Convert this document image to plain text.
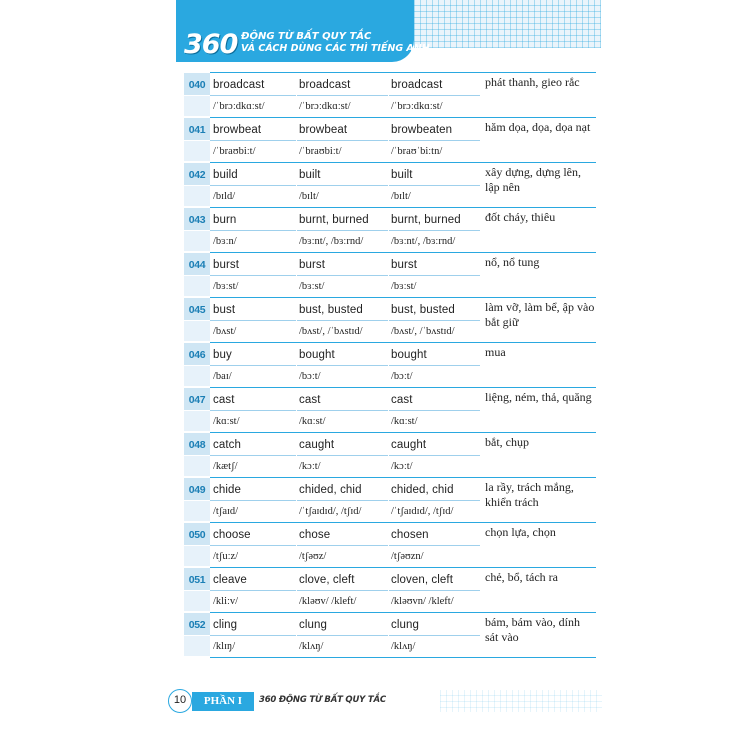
360 ĐỘNG TỪ BẤT QUY TẮC
VÀ CÁCH DÙNG CÁC THÌ TIẾNG ANH
040 broadcast
/ˈbrɔːdkɑːst/
broadcast
/ˈbrɔːdkɑːst/
broadcast
/ˈbrɔːdkɑːst/
phát thanh, gieo rắc
041 browbeat
/ˈbraʊbiːt/
browbeat
/ˈbraʊbiːt/
browbeaten
/ˈbraʊˈbiːtn/
hăm dọa, dọa, dọa nạt
042 build
/bɪld/
built
/bɪlt/
built
/bɪlt/
xây dựng, dựng lên, lập nên
043 burn
/bɜːn/
burnt, burned
/bɜːnt/, /bɜːrnd/
burnt, burned
/bɜːnt/, /bɜːrnd/
đốt cháy, thiêu
044 burst
/bɜːst/
burst
/bɜːst/
burst
/bɜːst/
nổ, nổ tung
045 bust
/bʌst/
bust, busted
/bʌst/, /ˈbʌstɪd/
bust, busted
/bʌst/, /ˈbʌstɪd/
làm vỡ, làm bể, ập vào bắt giữ
046 buy
/baɪ/
bought
/bɔːt/
bought
/bɔːt/
mua
047 cast
/kɑːst/
cast
/kɑːst/
cast
/kɑːst/
liệng, ném, thả, quăng
048 catch
/kætʃ/
caught
/kɔːt/
caught
/kɔːt/
bắt, chụp
049 chide
/tʃaɪd/
chided, chid
/ˈtʃaɪdɪd/, /tʃɪd/
chided, chid
/ˈtʃaɪdɪd/, /tʃɪd/
la rầy, trách mắng, khiển trách
050 choose
/tʃuːz/
chose
/tʃəʊz/
chosen
/tʃəʊzn/
chọn lựa, chọn
051 cleave
/kliːv/
clove, cleft
/kləʊv/ /kleft/
cloven, cleft
/kləʊvn/ /kleft/
chẻ, bổ, tách ra
052 cling
/klɪŋ/
clung
/klʌŋ/
clung
/klʌŋ/
bám, bám vào, dính sát vào
PHẦN I
10	360 ĐỘNG TỪ BẤT QUY TẮC
